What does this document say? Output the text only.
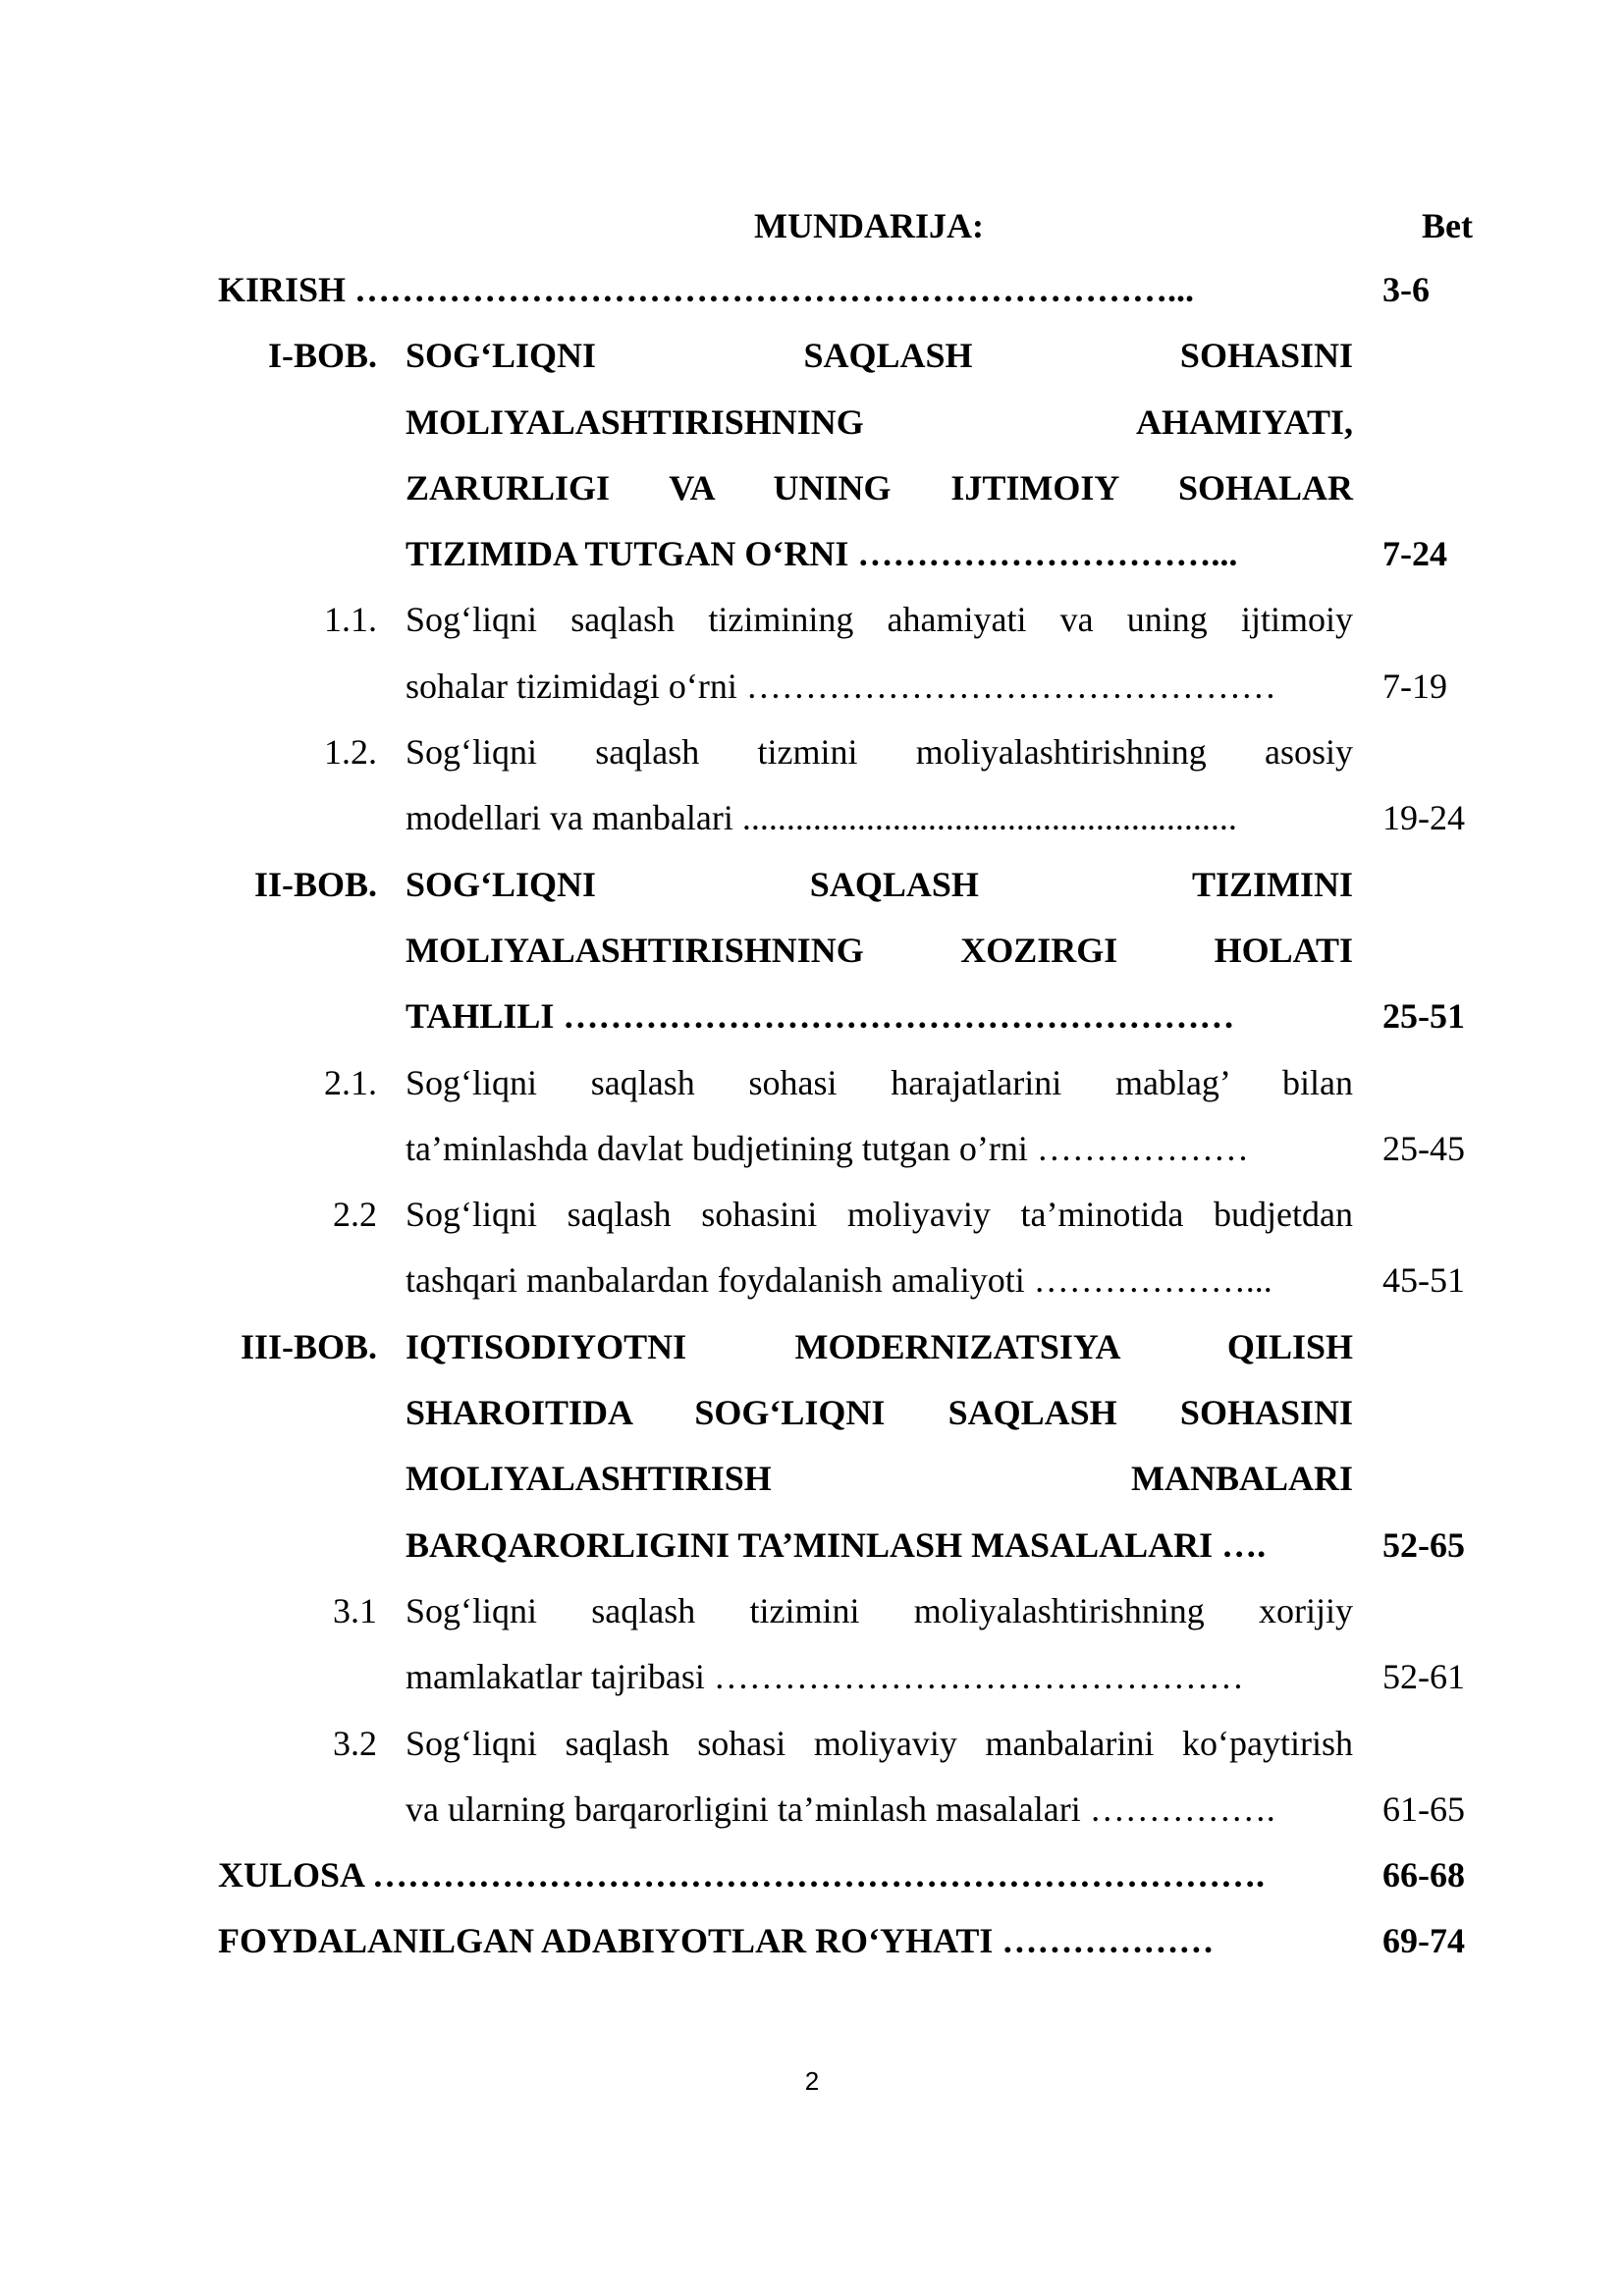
MUNDARIJA:	Bet
KIRISH ……………………………………………………………...	3-6
I-BOB. SOG‘LIQNI SAQLASH SOHASINI
MOLIYALASHTIRISHNING AHAMIYATI,
ZARURLIGI VA UNING IJTIMOIY SOHALAR
TIZIMIDA TUTGAN O‘RNI …………………………...	7-24
1.1. Sog‘liqni saqlash tizimining ahamiyati va uning ijtimoiy
sohalar tizimidagi o‘rni ………………………………………	7-19
1.2. Sog‘liqni saqlash tizmini moliyalashtirishning asosiy
modellari va manbalari ........................................................	19-24
II-BOB. SOG‘LIQNI SAQLASH TIZIMINI
MOLIYALASHTIRISHNING XOZIRGI HOLATI
TAHLILI …………………………………………………	25-51
2.1. Sog‘liqni saqlash sohasi harajatlarini mablag’ bilan
ta’minlashda davlat budjetining tutgan o’rni ………………	25-45
2.2 Sog‘liqni saqlash sohasini moliyaviy ta’minotida budjetdan
tashqari manbalardan foydalanish amaliyoti ………………...	45-51
III-BOB. IQTISODIYOTNI MODERNIZATSIYA QILISH
SHAROITIDA SOG‘LIQNI SAQLASH SOHASINI
MOLIYALASHTIRISH MANBALARI
BARQARORLIGINI TA’MINLASH MASALALARI ….	52-65
3.1 Sog‘liqni saqlash tizimini moliyalashtirishning xorijiy
mamlakatlar tajribasi ………………………………………	52-61
3.2 Sog‘liqni saqlash sohasi moliyaviy manbalarini ko‘paytirish
va ularning barqarorligini ta’minlash masalalari …………….	61-65
XULOSA ………………………………………………………………….	66-68
FOYDALANILGAN ADABIYOTLAR RO‘YHATI ………………	69-74
2
